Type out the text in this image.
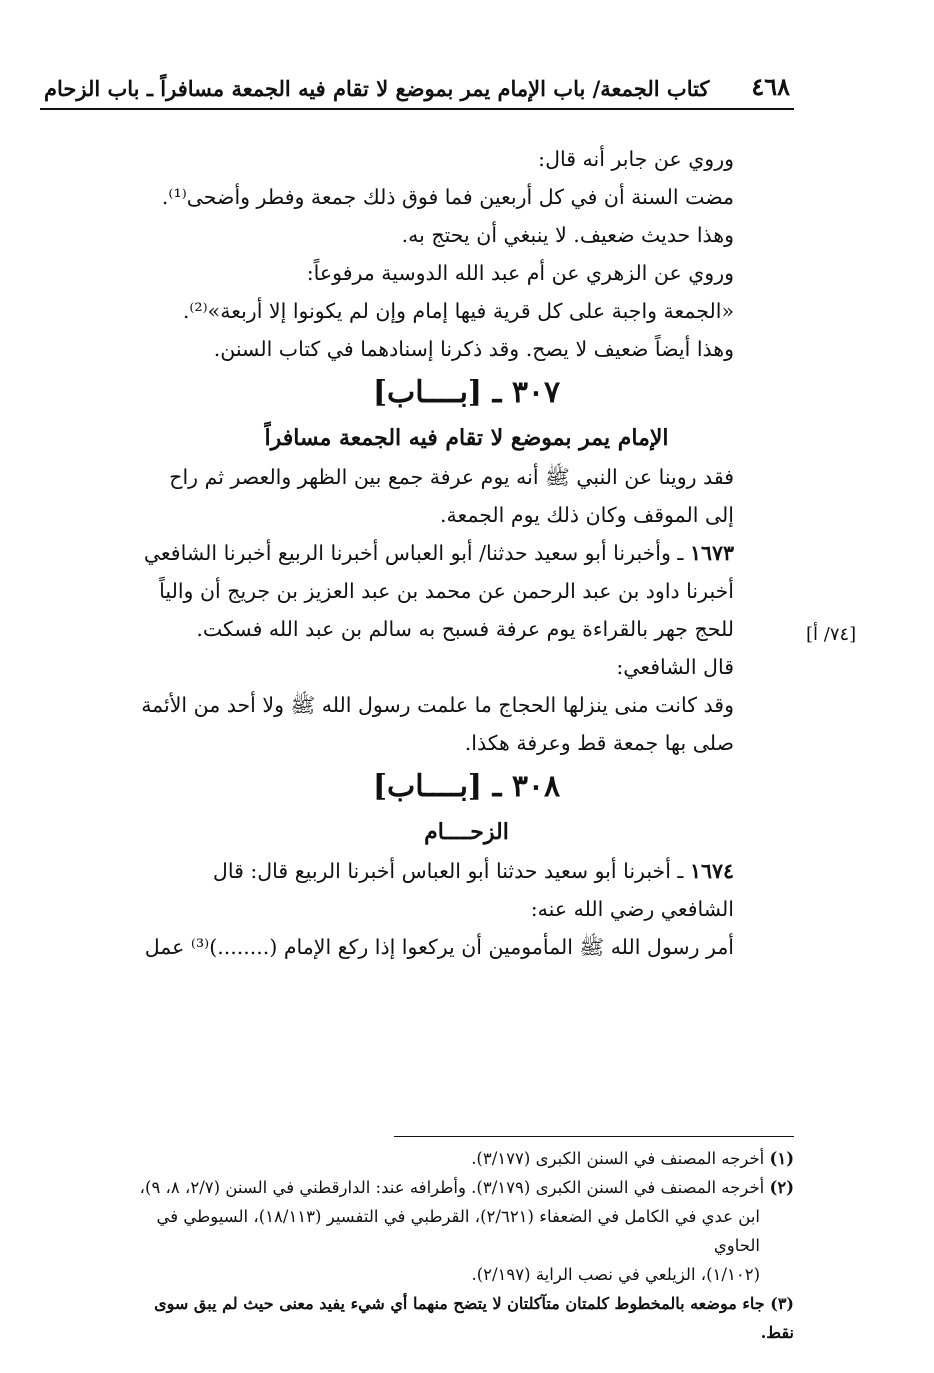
٤٦٨
كتاب الجمعة/ باب الإمام يمر بموضع لا تقام فيه الجمعة مسافراً ـ باب الزحام
[٧٤/ أ]

وروي عن جابر أنه قال:

مضت السنة أن في كل أربعين فما فوق ذلك جمعة وفطر وأضحى⁽¹⁾.

وهذا حديث ضعيف. لا ينبغي أن يحتج به.

وروي عن الزهري عن أم عبد الله الدوسية مرفوعاً:

«الجمعة واجبة على كل قرية فيها إمام وإن لم يكونوا إلا أربعة»⁽²⁾.

وهذا أيضاً ضعيف لا يصح. وقد ذكرنا إسنادهما في كتاب السنن.

٣٠٧ ـ [بــــاب]

الإمام يمر بموضع لا تقام فيه الجمعة مسافراً

فقد روينا عن النبي ﷺ أنه يوم عرفة جمع بين الظهر والعصر ثم راح إلى الموقف وكان ذلك يوم الجمعة.

١٦٧٣ ـ وأخبرنا أبو سعيد حدثنا/ أبو العباس أخبرنا الربيع أخبرنا الشافعي أخبرنا داود بن عبد الرحمن عن محمد بن عبد العزيز بن جريج أن والياً للحج جهر بالقراءة يوم عرفة فسبح به سالم بن عبد الله فسكت.

قال الشافعي:

وقد كانت منى ينزلها الحجاج ما علمت رسول الله ﷺ ولا أحد من الأئمة صلى بها جمعة قط وعرفة هكذا.

٣٠٨ ـ [بــــاب]

الزحــــام

١٦٧٤ ـ أخبرنا أبو سعيد حدثنا أبو العباس أخبرنا الربيع قال: قال الشافعي رضي الله عنه:

أمر رسول الله ﷺ المأمومين أن يركعوا إذا ركع الإمام (........)⁽³⁾ عمل

(١) أخرجه المصنف في السنن الكبرى (٣/١٧٧).

(٢) أخرجه المصنف في السنن الكبرى (٣/١٧٩). وأطرافه عند: الدارقطني في السنن (٢/٧، ٨، ٩)،

ابن عدي في الكامل في الضعفاء (٢/٦٢١)، القرطبي في التفسير (١٨/١١٣)، السيوطي في الحاوي

(١/١٠٢)، الزيلعي في نصب الراية (٢/١٩٧).

(٣) جاء موضعه بالمخطوط كلمتان متآكلتان لا يتضح منهما أي شيء يفيد معنى حيث لم يبق سوى نقط.
